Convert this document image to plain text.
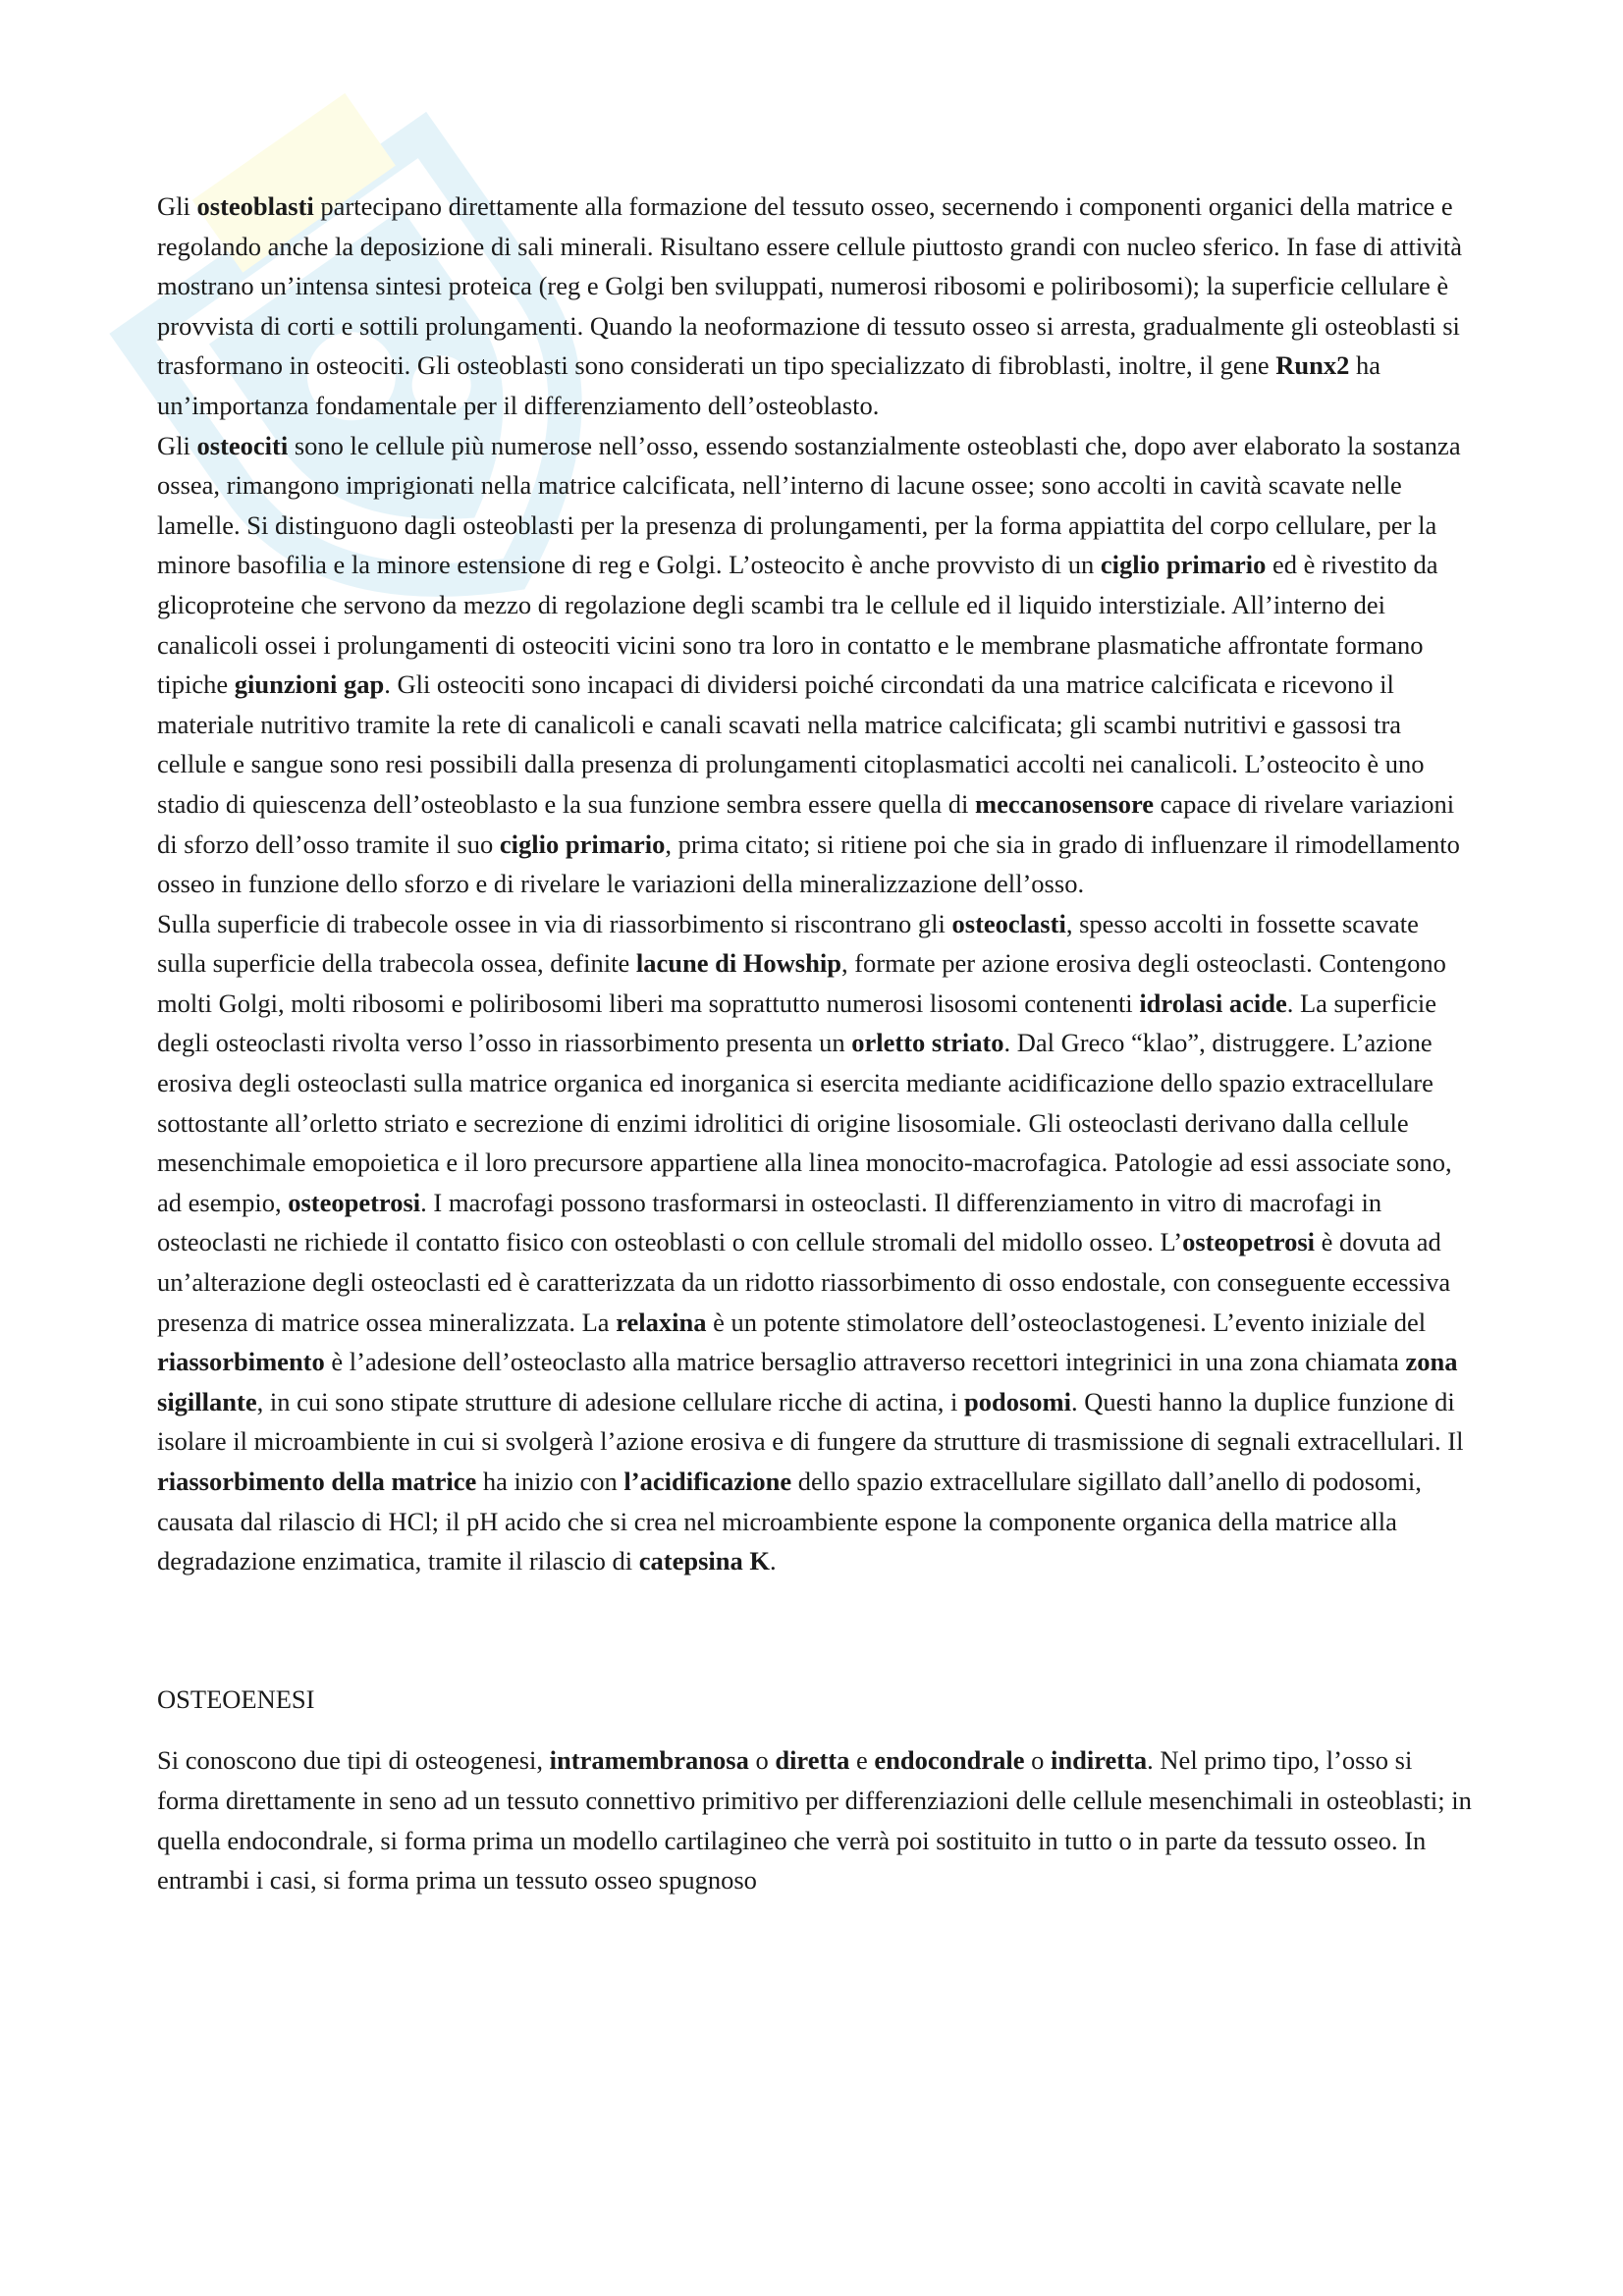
Gli osteoblasti partecipano direttamente alla formazione del tessuto osseo, secernendo i componenti organici della matrice e regolando anche la deposizione di sali minerali. Risultano essere cellule piuttosto grandi con nucleo sferico. In fase di attività mostrano un’intensa sintesi proteica (reg e Golgi ben sviluppati, numerosi ribosomi e poliribosomi); la superficie cellulare è provvista di corti e sottili prolungamenti. Quando la neoformazione di tessuto osseo si arresta, gradualmente gli osteoblasti si trasformano in osteociti. Gli osteoblasti sono considerati un tipo specializzato di fibroblasti, inoltre, il gene Runx2 ha un’importanza fondamentale per il differenziamento dell’osteoblasto.

Gli osteociti sono le cellule più numerose nell’osso, essendo sostanzialmente osteoblasti che, dopo aver elaborato la sostanza ossea, rimangono imprigionati nella matrice calcificata, nell’interno di lacune ossee; sono accolti in cavità scavate nelle lamelle. Si distinguono dagli osteoblasti per la presenza di prolungamenti, per la forma appiattita del corpo cellulare, per la minore basofilia e la minore estensione di reg e Golgi. L’osteocito è anche provvisto di un ciglio primario ed è rivestito da glicoproteine che servono da mezzo di regolazione degli scambi tra le cellule ed il liquido interstiziale. All’interno dei canalicoli ossei i prolungamenti di osteociti vicini sono tra loro in contatto e le membrane plasmatiche affrontate formano tipiche giunzioni gap. Gli osteociti sono incapaci di dividersi poiché circondati da una matrice calcificata e ricevono il materiale nutritivo tramite la rete di canalicoli e canali scavati nella matrice calcificata; gli scambi nutritivi e gassosi tra cellule e sangue sono resi possibili dalla presenza di prolungamenti citoplasmatici accolti nei canalicoli. L’osteocito è uno stadio di quiescenza dell’osteoblasto e la sua funzione sembra essere quella di meccanosensore capace di rivelare variazioni di sforzo dell’osso tramite il suo ciglio primario, prima citato; si ritiene poi che sia in grado di influenzare il rimodellamento osseo in funzione dello sforzo e di rivelare le variazioni della mineralizzazione dell’osso.

Sulla superficie di trabecole ossee in via di riassorbimento si riscontrano gli osteoclasti, spesso accolti in fossette scavate sulla superficie della trabecola ossea, definite lacune di Howship, formate per azione erosiva degli osteoclasti. Contengono molti Golgi, molti ribosomi e poliribosomi liberi ma soprattutto numerosi lisosomi contenenti idrolasi acide. La superficie degli osteoclasti rivolta verso l’osso in riassorbimento presenta un orletto striato. Dal Greco “klao”, distruggere. L’azione erosiva degli osteoclasti sulla matrice organica ed inorganica si esercita mediante acidificazione dello spazio extracellulare sottostante all’orletto striato e secrezione di enzimi idrolitici di origine lisosomiale. Gli osteoclasti derivano dalla cellule mesenchimale emopoietica e il loro precursore appartiene alla linea monocito-macrofagica. Patologie ad essi associate sono, ad esempio, osteopetrosi. I macrofagi possono trasformarsi in osteoclasti. Il differenziamento in vitro di macrofagi in osteoclasti ne richiede il contatto fisico con osteoblasti o con cellule stromali del midollo osseo. L’osteopetrosi è dovuta ad un’alterazione degli osteoclasti ed è caratterizzata da un ridotto riassorbimento di osso endostale, con conseguente eccessiva presenza di matrice ossea mineralizzata. La relaxina è un potente stimolatore dell’osteoclastogenesi. L’evento iniziale del riassorbimento è l’adesione dell’osteoclasto alla matrice bersaglio attraverso recettori integrinici in una zona chiamata zona sigillante, in cui sono stipate strutture di adesione cellulare ricche di actina, i podosomi. Questi hanno la duplice funzione di isolare il microambiente in cui si svolgerà l’azione erosiva e di fungere da strutture di trasmissione di segnali extracellulari. Il riassorbimento della matrice ha inizio con l’acidificazione dello spazio extracellulare sigillato dall’anello di podosomi, causata dal rilascio di HCl; il pH acido che si crea nel microambiente espone la componente organica della matrice alla degradazione enzimatica, tramite il rilascio di catepsina K.

OSTEOENESI

Si conoscono due tipi di osteogenesi, intramembranosa o diretta e endocondrale o indiretta. Nel primo tipo, l’osso si forma direttamente in seno ad un tessuto connettivo primitivo per differenziazioni delle cellule mesenchimali in osteoblasti; in quella endocondrale, si forma prima un modello cartilagineo che verrà poi sostituito in tutto o in parte da tessuto osseo. In entrambi i casi, si forma prima un tessuto osseo spugnoso
